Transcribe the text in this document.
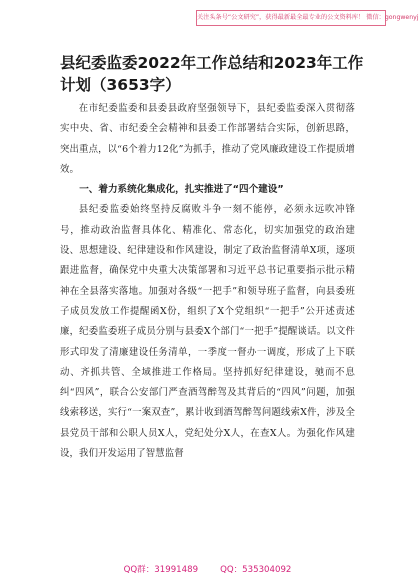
关注头条号“公文研究”，获得最新最全最专业的公文资料库！ 微信：gongwenyj
县纪委监委2022年工作总结和2023年工作计划（3653字）

在市纪委监委和县委县政府坚强领导下，县纪委监委深入贯彻落实中央、省、市纪委全会精神和县委工作部署结合实际，创新思路，突出重点，以“6个着力12化”为抓手，推动了党风廉政建设工作提质增效。

一、着力系统化集成化，扎实推进了“四个建设”

县纪委监委始终坚持反腐败斗争一刻不能停，必须永远吹冲锋号，推动政治监督具体化、精准化、常态化，切实加强党的政治建设、思想建设、纪律建设和作风建设，制定了政治监督清单X项，逐项跟进监督，确保党中央重大决策部署和习近平总书记重要指示批示精神在全县落实落地。加强对各级“一把手”和领导班子监督，向县委班子成员发放工作提醒函X份，组织了X个党组织“一把手”公开述责述廉，纪委监委班子成员分别与县委X个部门“一把手”提醒谈话。以文件形式印发了清廉建设任务清单，一季度一督办一调度，形成了上下联动、齐抓共管、全域推进工作格局。坚持抓好纪律建设，驰而不息纠“四风”，联合公安部门严查酒驾醉驾及其背后的“四风”问题，加强线索移送，实行“一案双查”，累计收到酒驾醉驾问题线索X件，涉及全县党员干部和公职人员X人，党纪处分X人，在查X人。为强化作风建设，我们开发运用了智慧监督

QQ群：31991489	QQ：535304092
